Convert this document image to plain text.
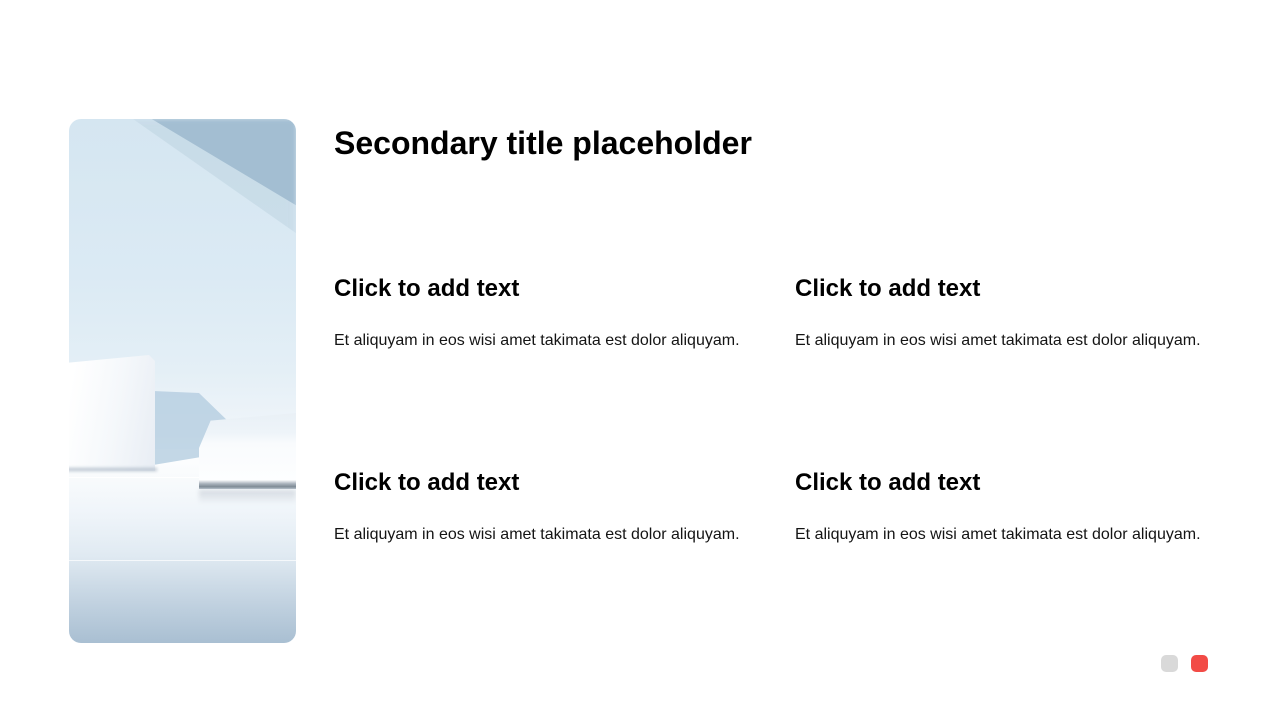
Secondary title placeholder
Click to add text

Et aliquyam in eos wisi amet takimata est dolor aliquyam.

Click to add text

Et aliquyam in eos wisi amet takimata est dolor aliquyam.

Click to add text

Et aliquyam in eos wisi amet takimata est dolor aliquyam.

Click to add text

Et aliquyam in eos wisi amet takimata est dolor aliquyam.
